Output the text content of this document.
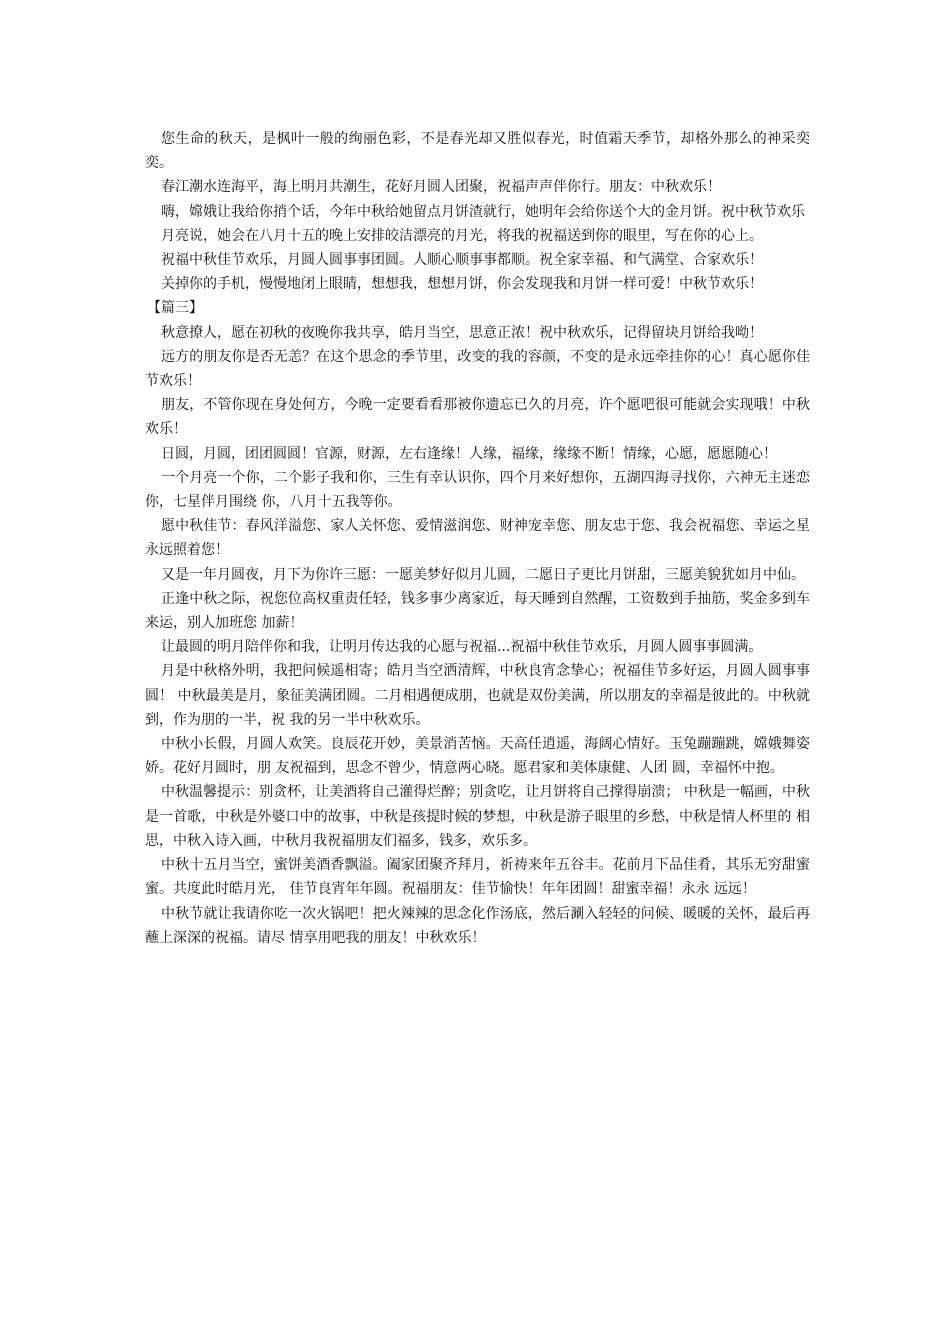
您生命的秋天，是枫叶一般的绚丽色彩，不是春光却又胜似春光，时值霜天季节，却格外那么的神采奕奕。

春江潮水连海平，海上明月共潮生，花好月圆人团聚，祝福声声伴你行。朋友：中秋欢乐！

嗨，嫦娥让我给你捎个话，今年中秋给她留点月饼渣就行，她明年会给你送个大的金月饼。祝中秋节欢乐

月亮说，她会在八月十五的晚上安排皎洁漂亮的月光，将我的祝福送到你的眼里，写在你的心上。

祝福中秋佳节欢乐，月圆人圆事事团圆。人顺心顺事事都顺。祝全家幸福、和气满堂、合家欢乐！

关掉你的手机，慢慢地闭上眼睛，想想我，想想月饼，你会发现我和月饼一样可爱！中秋节欢乐！

【篇三】

秋意撩人，愿在初秋的夜晚你我共享，皓月当空，思意正浓！祝中秋欢乐，记得留块月饼给我呦！

远方的朋友你是否无恙？在这个思念的季节里，改变的我的容颜，不变的是永远牵挂你的心！真心愿你佳节欢乐！

朋友，不管你现在身处何方，今晚一定要看看那被你遗忘已久的月亮，许个愿吧很可能就会实现哦！中秋欢乐！

日圆，月圆，团团圆圆！官源，财源，左右逢缘！人缘，福缘，缘缘不断！情缘，心愿，愿愿随心！

一个月亮一个你，二个影子我和你，三生有幸认识你，四个月来好想你，五湖四海寻找你，六神无主迷恋你，七星伴月围绕 你，八月十五我等你。

愿中秋佳节：春风洋溢您、家人关怀您、爱情滋润您、财神宠幸您、朋友忠于您、我会祝福您、幸运之星永远照着您！

又是一年月圆夜，月下为你许三愿：一愿美梦好似月儿圆，二愿日子更比月饼甜，三愿美貌犹如月中仙。

正逢中秋之际，祝您位高权重责任轻，钱多事少离家近，每天睡到自然醒，工资数到手抽筋，奖金多到车来运，别人加班您 加薪！

让最圆的明月陪伴你和我，让明月传达我的心愿与祝福...祝福中秋佳节欢乐，月圆人圆事事圆满。

月是中秋格外明，我把问候遥相寄；皓月当空洒清辉，中秋良宵念挚心；祝福佳节多好运，月圆人圆事事圆！ 中秋最美是月，象征美满团圆。二月相遇便成朋，也就是双份美满，所以朋友的幸福是彼此的。中秋就到，作为朋的一半，祝 我的另一半中秋欢乐。

中秋小长假，月圆人欢笑。良辰花开妙，美景消苦恼。天高任逍遥，海阔心情好。玉兔蹦蹦跳，嫦娥舞姿娇。花好月圆时，朋 友祝福到，思念不曾少，情意两心晓。愿君家和美体康健、人团 圆，幸福怀中抱。

中秋温馨提示：别贪杯，让美酒将自己灌得烂醉；别贪吃，让月饼将自己撑得崩溃； 中秋是一幅画，中秋是一首歌，中秋是外婆口中的故事，中秋是孩提时候的梦想，中秋是游子眼里的乡愁，中秋是情人杯里的 相思，中秋入诗入画，中秋月我祝福朋友们福多，钱多，欢乐多。

中秋十五月当空，蜜饼美酒香飘溢。阖家团聚齐拜月，祈祷来年五谷丰。花前月下品佳肴，其乐无穷甜蜜蜜。共度此时皓月光， 佳节良宵年年圆。祝福朋友：佳节愉快！年年团圆！甜蜜幸福！永永 远远！

中秋节就让我请你吃一次火锅吧！把火辣辣的思念化作汤底，然后涮入轻轻的问候、暖暖的关怀，最后再蘸上深深的祝福。请尽 情享用吧我的朋友！中秋欢乐！
